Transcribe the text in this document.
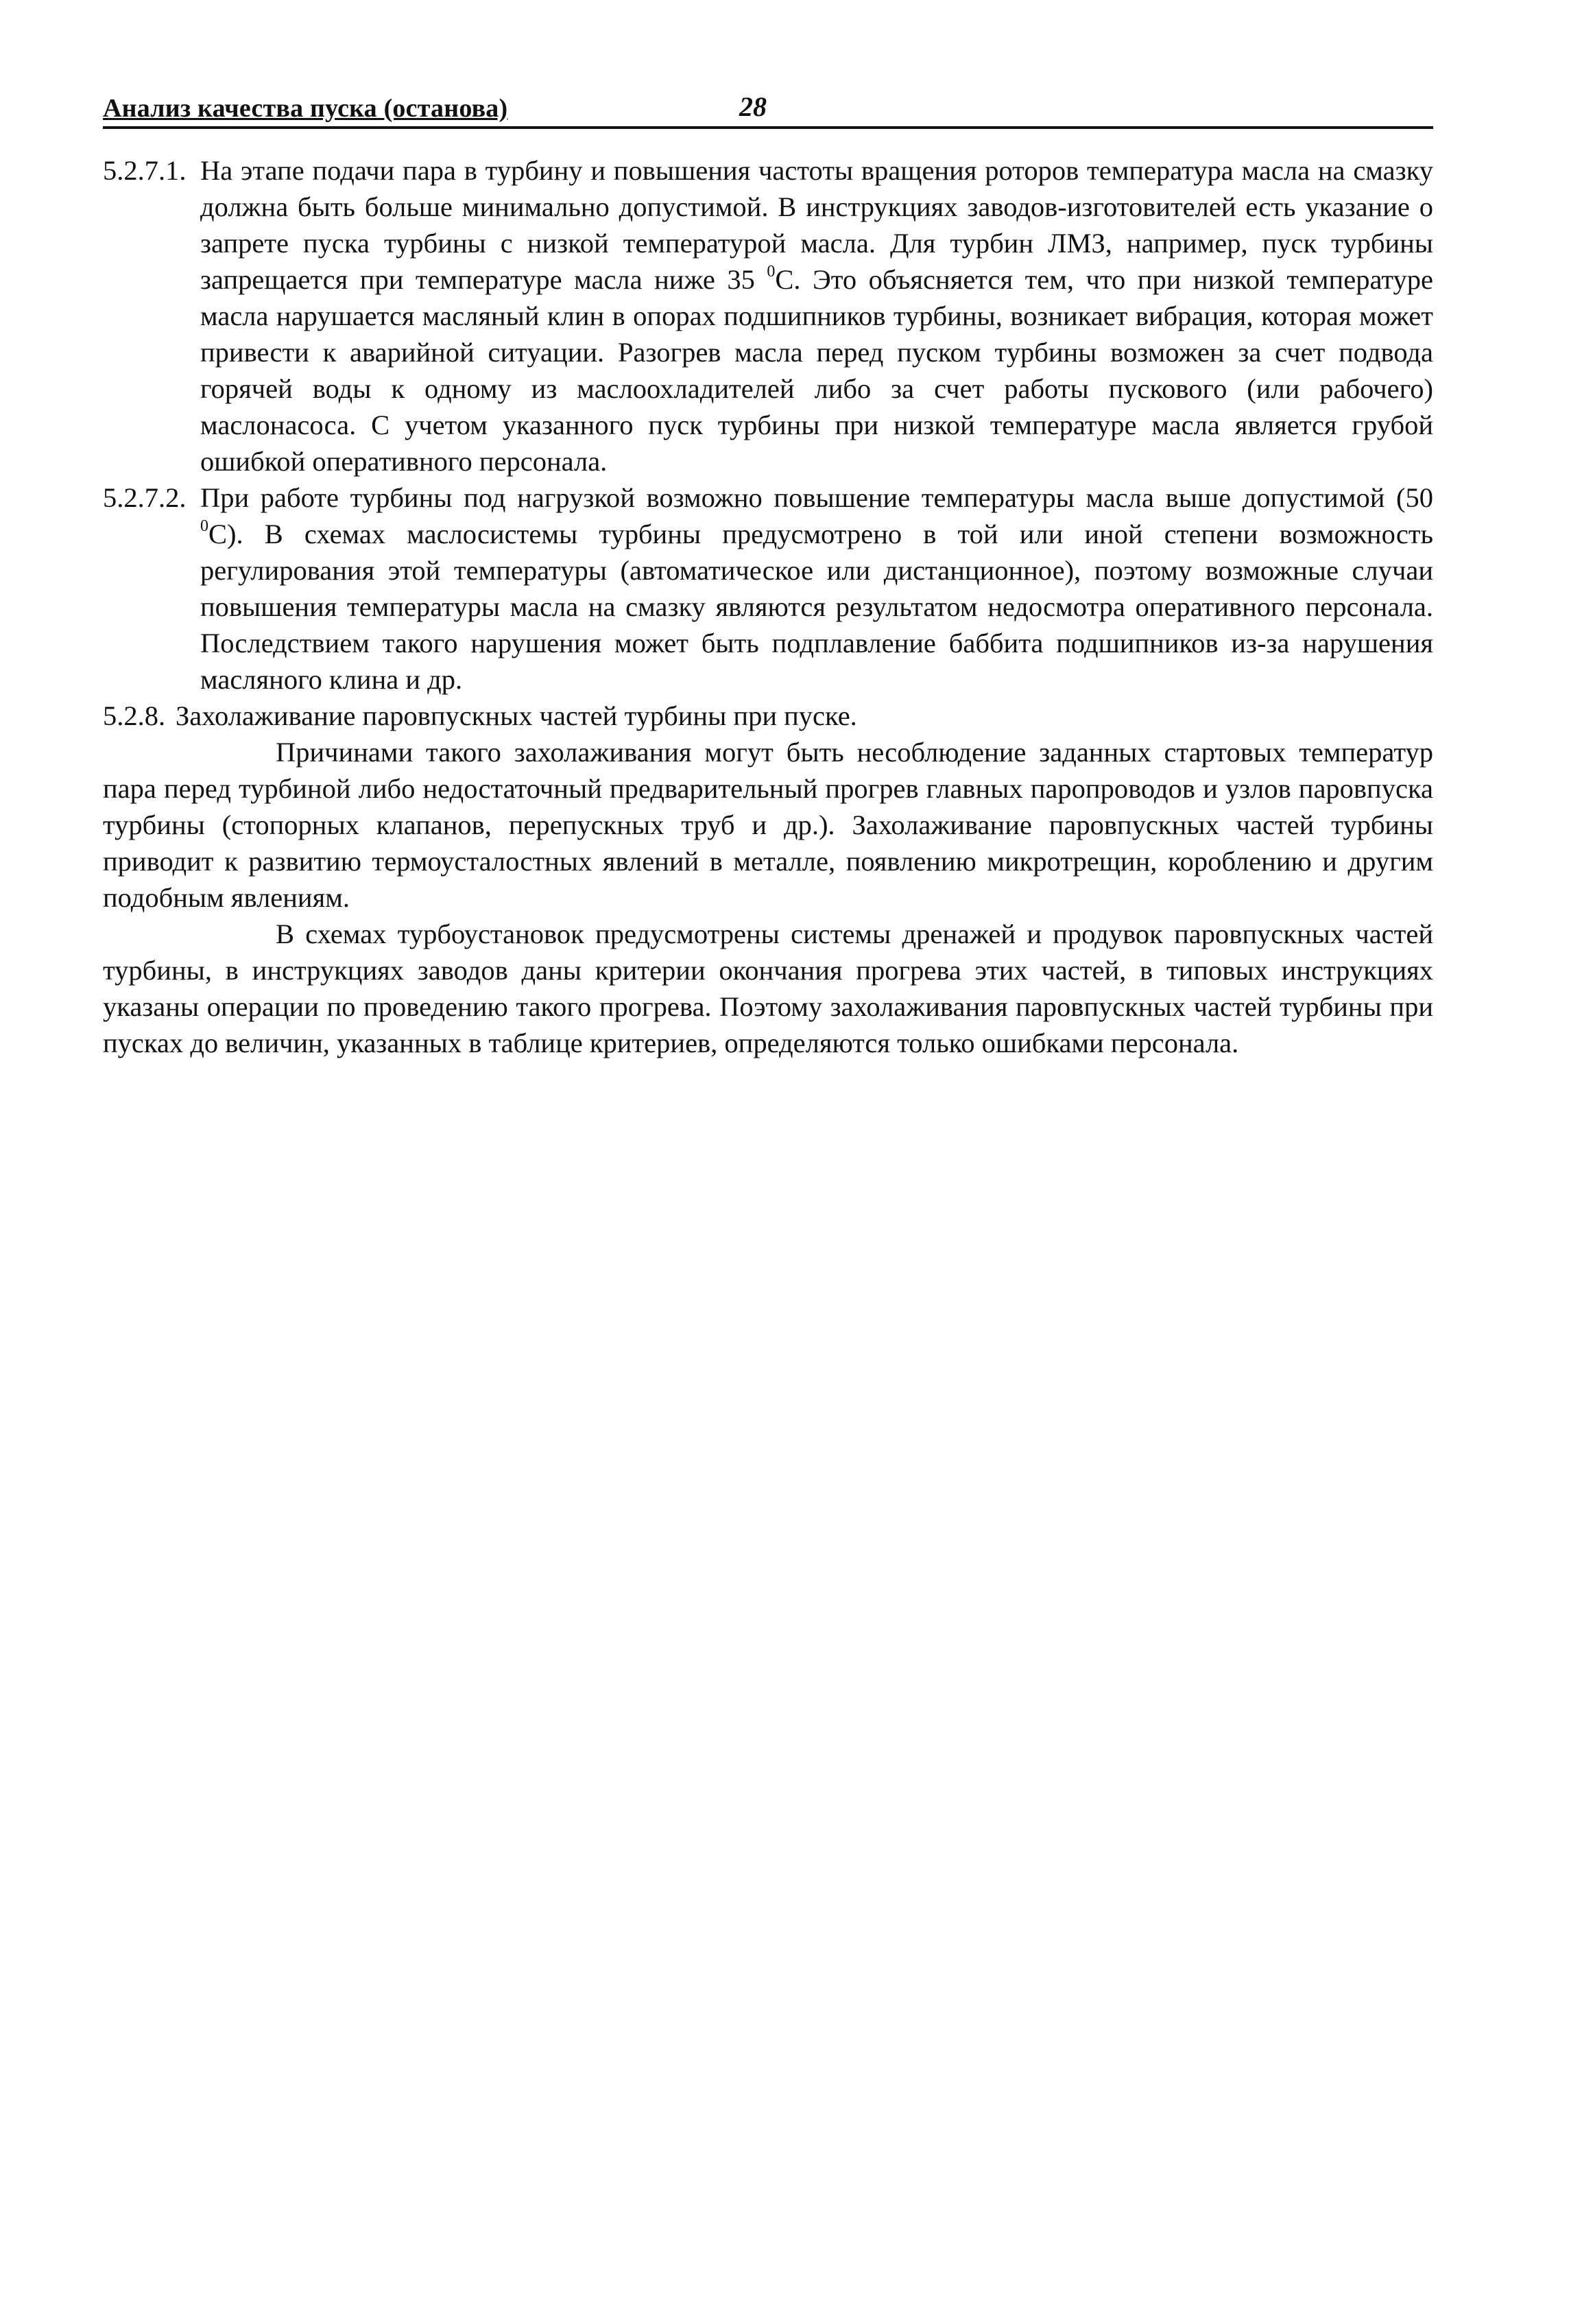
Анализ качества пуска (останова)	28

5.2.7.1. На этапе подачи пара в турбину и повышения частоты вращения роторов температура масла на смазку должна быть больше минимально допустимой. В инструкциях заводов-изготовителей есть указание о запрете пуска турбины с низкой температурой масла. Для турбин ЛМЗ, например, пуск турбины запрещается при температуре масла ниже 35 $^0$С. Это объясняется тем, что при низкой температуре масла нарушается масляный клин в опорах подшипников турбины, возникает вибрация, которая может привести к аварийной ситуации. Разогрев масла перед пуском турбины возможен за счет подвода горячей воды к одному из маслоохладителей либо за счет работы пускового (или рабочего) маслонасоса. С учетом указанного пуск турбины при низкой температуре масла является грубой ошибкой оперативного персонала.

5.2.7.2. При работе турбины под нагрузкой возможно повышение температуры масла выше допустимой (50 $^0$С). В схемах маслосистемы турбины предусмотрено в той или иной степени возможность регулирования этой температуры (автоматическое или дистанционное), поэтому возможные случаи повышения температуры масла на смазку являются результатом недосмотра оперативного персонала. Последствием такого нарушения может быть подплавление баббита подшипников из-за нарушения масляного клина и др.

5.2.8. Захолаживание паровпускных частей турбины при пуске.

Причинами такого захолаживания могут быть несоблюдение заданных стартовых температур пара перед турбиной либо недостаточный предварительный прогрев главных паропроводов и узлов паровпуска турбины (стопорных клапанов, перепускных труб и др.). Захолаживание паровпускных частей турбины приводит к развитию термоусталостных явлений в металле, появлению микротрещин, короблению и другим подобным явлениям.

В схемах турбоустановок предусмотрены системы дренажей и продувок паровпускных частей турбины, в инструкциях заводов даны критерии окончания прогрева этих частей, в типовых инструкциях указаны операции по проведению такого прогрева. Поэтому захолаживания паровпускных частей турбины при пусках до величин, указанных в таблице критериев, определяются только ошибками персонала.
